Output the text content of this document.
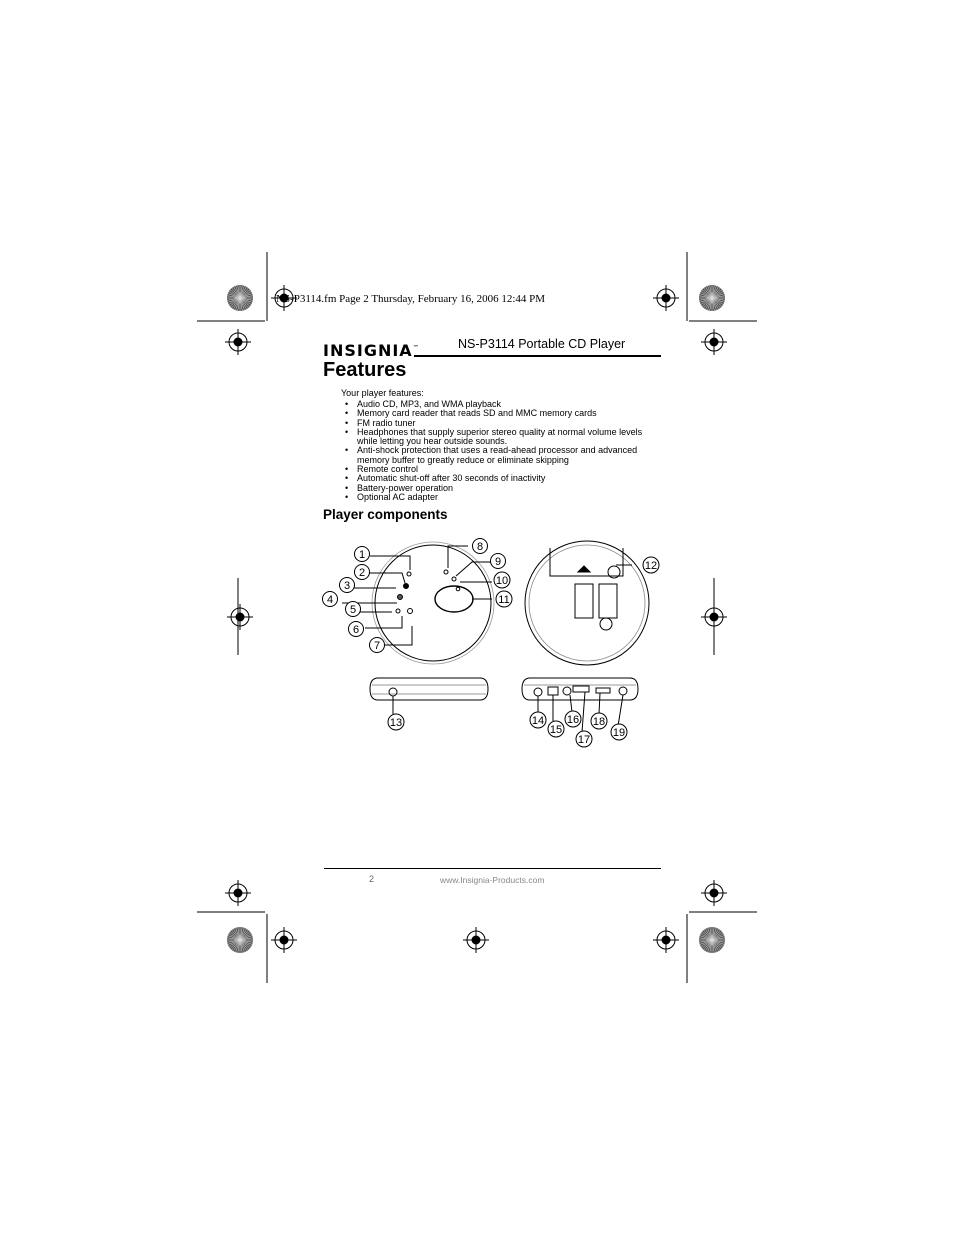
NS-P3114.fm Page 2 Thursday, February 16, 2006 12:44 PM
INSIGNIA™	NS-P3114 Portable CD Player
Features
Your player features:
• Audio CD, MP3, and WMA playback
• Memory card reader that reads SD and MMC memory cards
• FM radio tuner
• Headphones that supply superior stereo quality at normal volume levels while letting you hear outside sounds.
• Anti-shock protection that uses a read-ahead processor and advanced memory buffer to greatly reduce or eliminate skipping
• Remote control
• Automatic shut-off after 30 seconds of inactivity
• Battery-power operation
• Optional AC adapter
Player components
1
2
3
4
5
6
7
8
9
10
11
12
13	14
15
16
17
18
19
2	www.Insignia-Products.com
